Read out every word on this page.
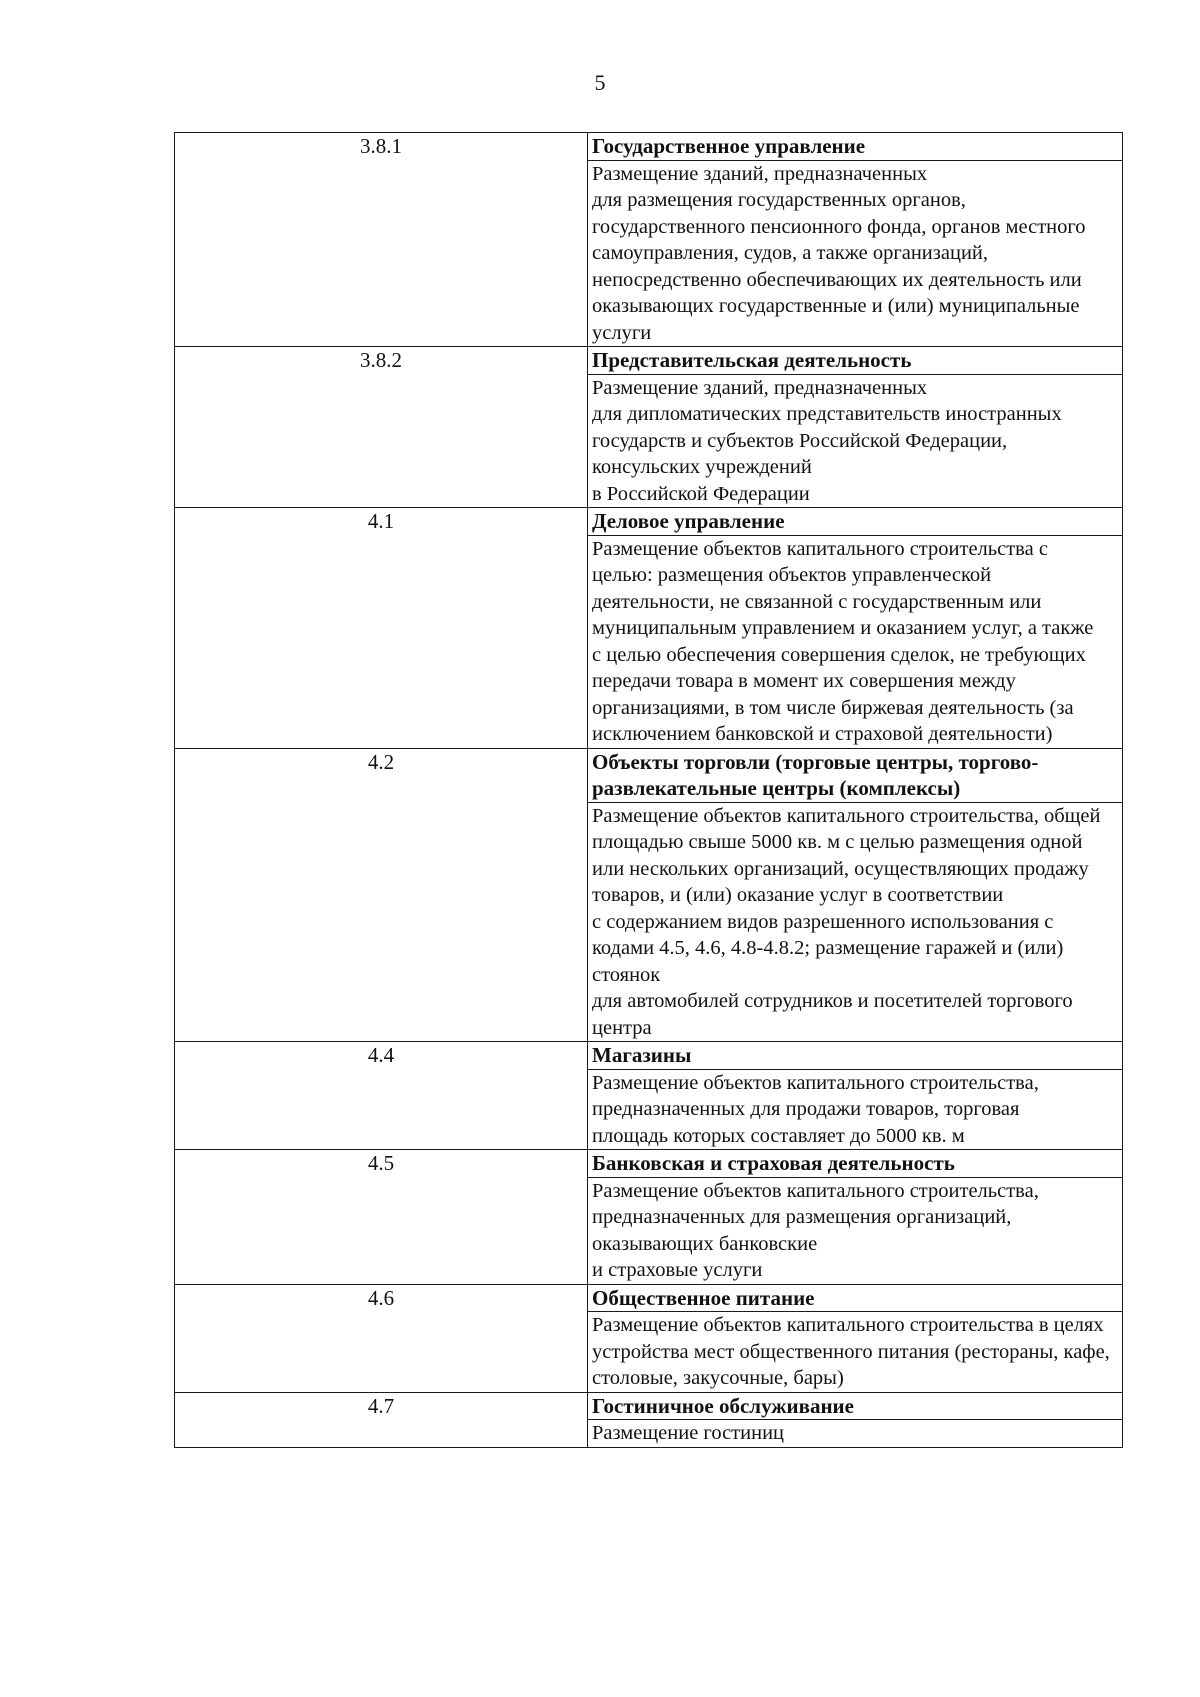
5
3.8.1	Государственное управление
Размещение зданий, предназначенных
для размещения государственных органов, государственного пенсионного фонда, органов местного самоуправления, судов, а также организаций, непосредственно обеспечивающих их деятельность или оказывающих государственные и (или) муниципальные услуги

3.8.2	Представительская деятельность
Размещение зданий, предназначенных
для дипломатических представительств иностранных государств и субъектов Российской Федерации, консульских учреждений
в Российской Федерации

4.1	Деловое управление
Размещение объектов капитального строительства с целью: размещения объектов управленческой деятельности, не связанной с государственным или муниципальным управлением и оказанием услуг, а также с целью обеспечения совершения сделок, не требующих передачи товара в момент их совершения между организациями, в том числе биржевая деятельность (за исключением банковской и страховой деятельности)

4.2	Объекты торговли (торговые центры, торгово-развлекательные центры (комплексы)
Размещение объектов капитального строительства, общей площадью свыше 5000 кв. м с целью размещения одной или нескольких организаций, осуществляющих продажу товаров, и (или) оказание услуг в соответствии
с содержанием видов разрешенного использования с кодами 4.5, 4.6, 4.8-4.8.2; размещение гаражей и (или) стоянок
для автомобилей сотрудников и посетителей торгового центра

4.4	Магазины
Размещение объектов капитального строительства, предназначенных для продажи товаров, торговая площадь которых составляет до 5000 кв. м

4.5	Банковская и страховая деятельность
Размещение объектов капитального строительства, предназначенных для размещения организаций, оказывающих банковские
и страховые услуги

4.6	Общественное питание
Размещение объектов капитального строительства в целях устройства мест общественного питания (рестораны, кафе, столовые, закусочные, бары)

4.7	Гостиничное обслуживание
Размещение гостиниц
